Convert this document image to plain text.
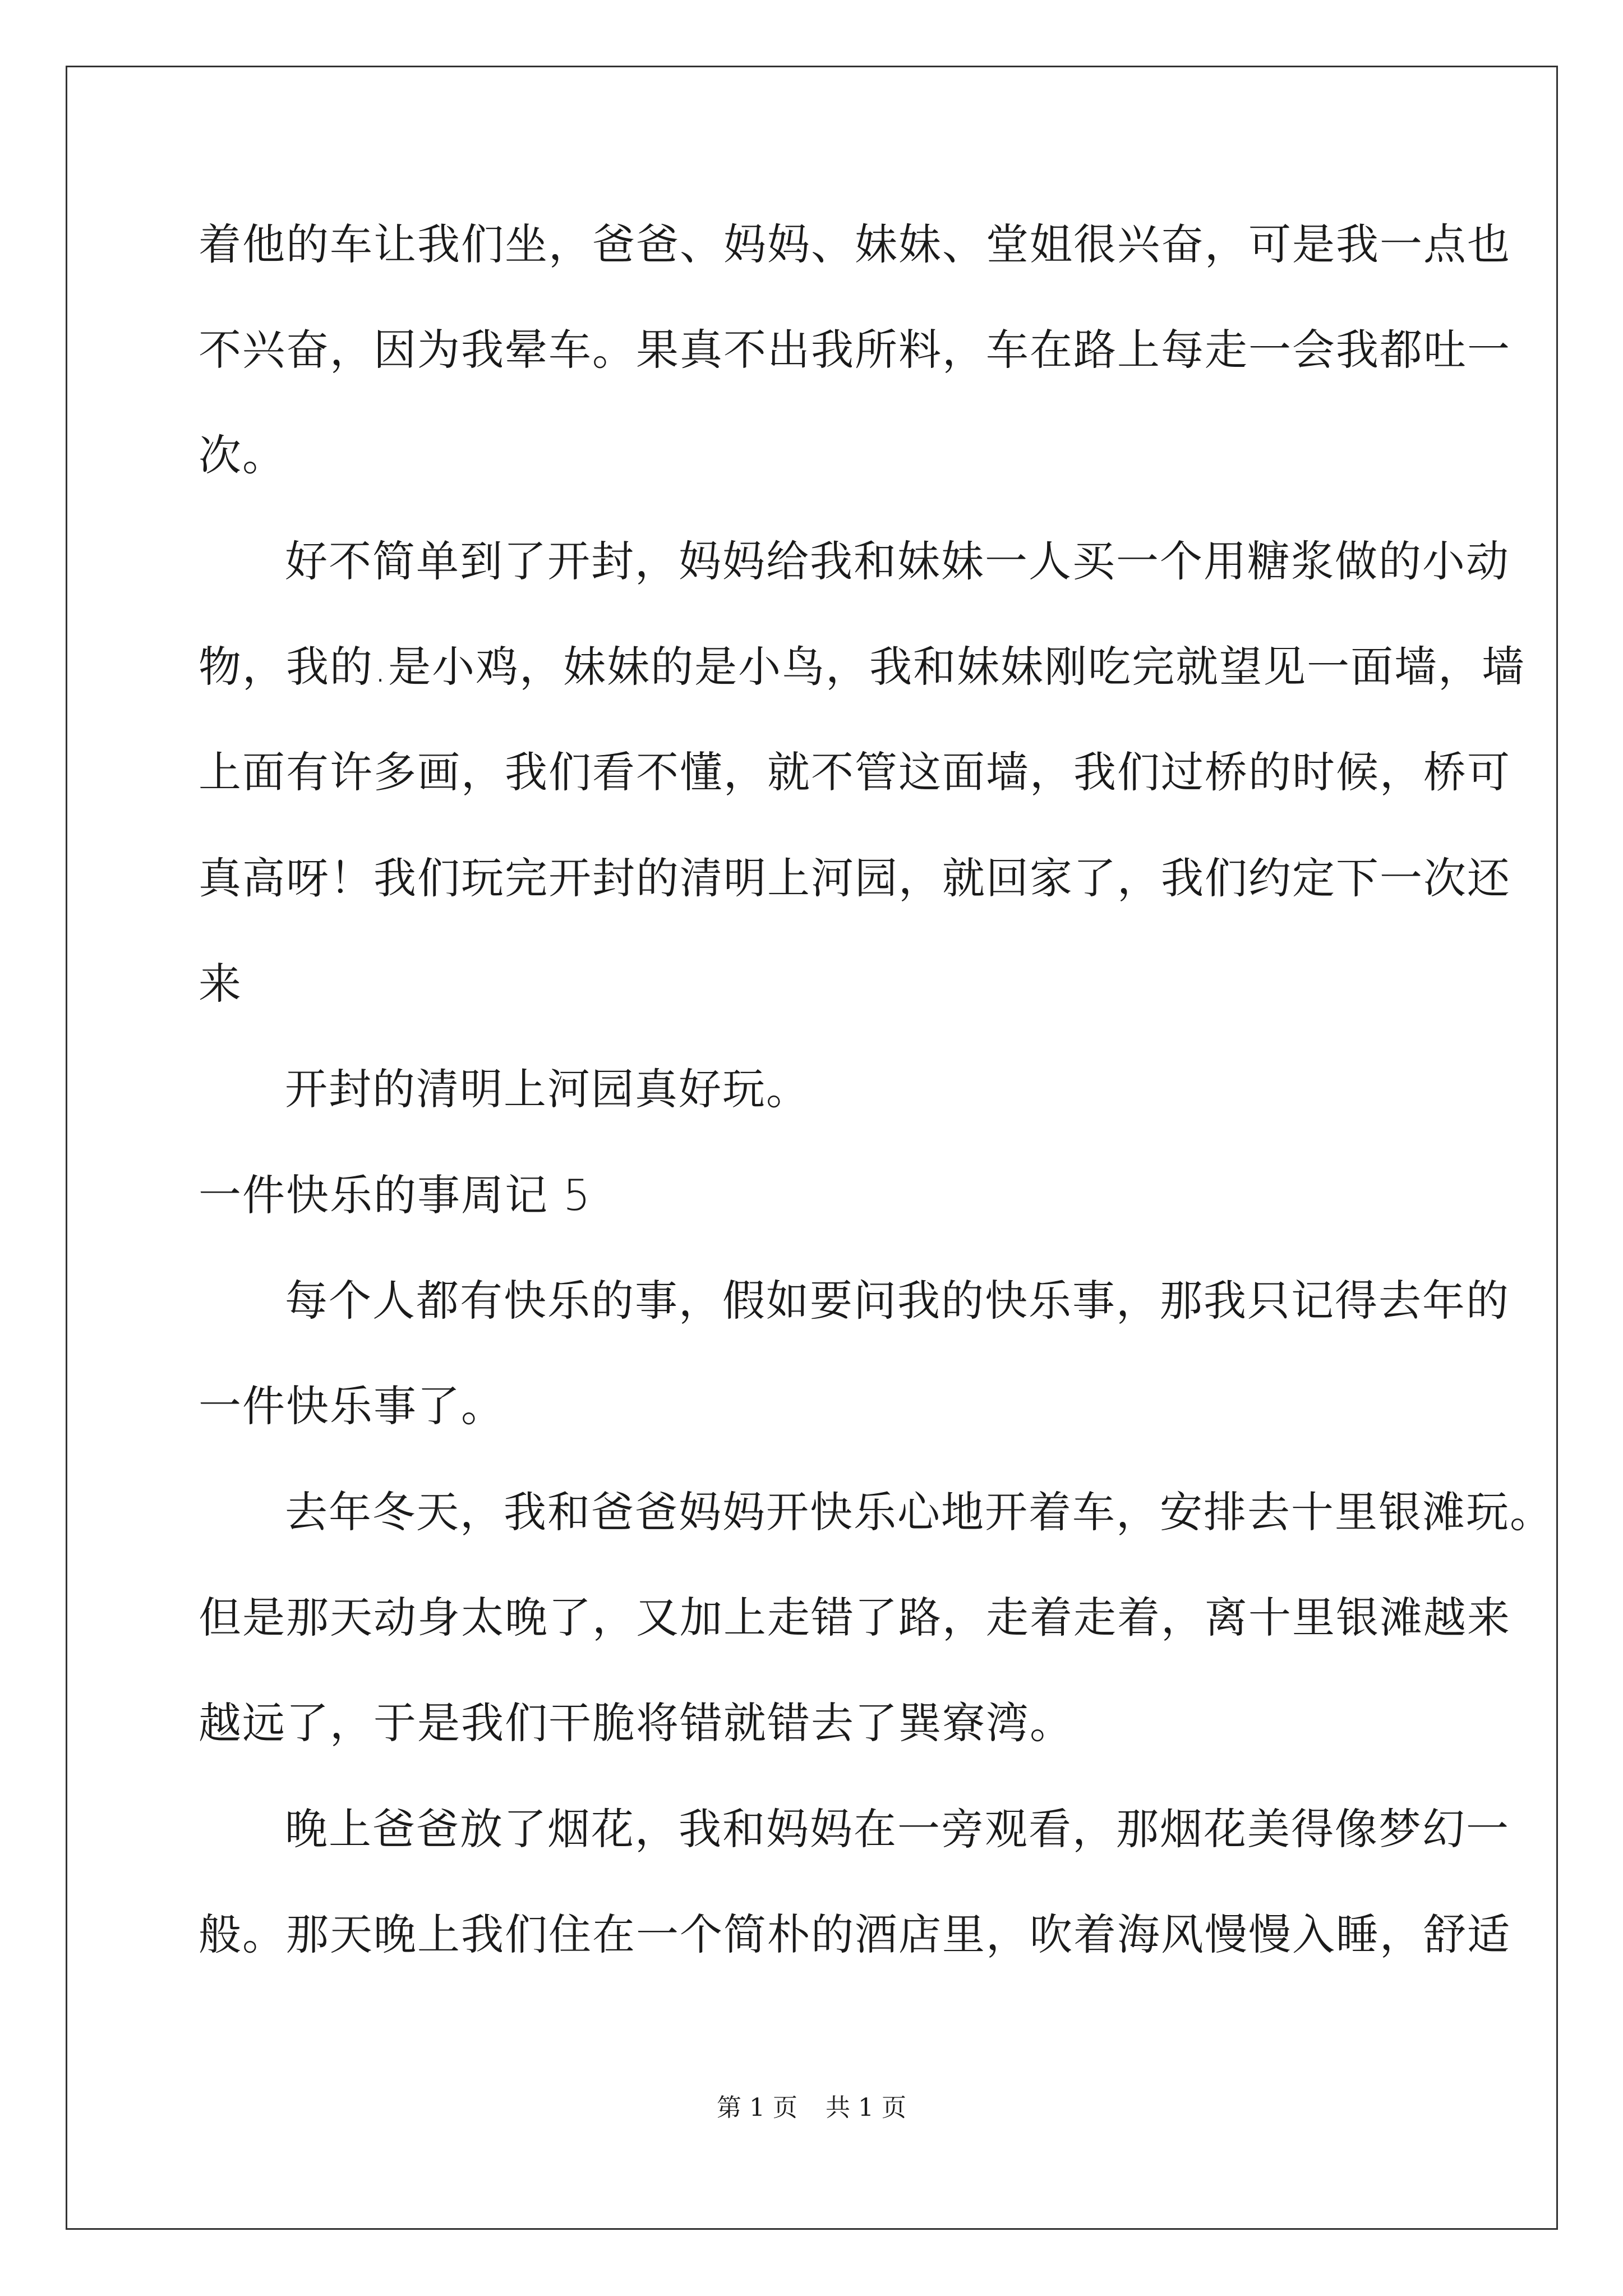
着他的车让我们坐，爸爸、妈妈、妹妹、堂姐很兴奋，可是我一点也
不兴奋，因为我晕车。果真不出我所料，车在路上每走一会我都吐一
次。
好不简单到了开封，妈妈给我和妹妹一人买一个用糖浆做的小动
物，我的.是小鸡，妹妹的是小鸟，我和妹妹刚吃完就望见一面墙，墙
上面有许多画，我们看不懂，就不管这面墙，我们过桥的时候，桥可
真高呀！我们玩完开封的清明上河园，就回家了，我们约定下一次还
来
开封的清明上河园真好玩。
一件快乐的事周记 5
每个人都有快乐的事，假如要问我的快乐事，那我只记得去年的
一件快乐事了。
去年冬天，我和爸爸妈妈开快乐心地开着车，安排去十里银滩玩。
但是那天动身太晚了，又加上走错了路，走着走着，离十里银滩越来
越远了，于是我们干脆将错就错去了巽寮湾。
晚上爸爸放了烟花，我和妈妈在一旁观看，那烟花美得像梦幻一
般。那天晚上我们住在一个简朴的酒店里，吹着海风慢慢入睡，舒适
第 1 页 共 1 页
